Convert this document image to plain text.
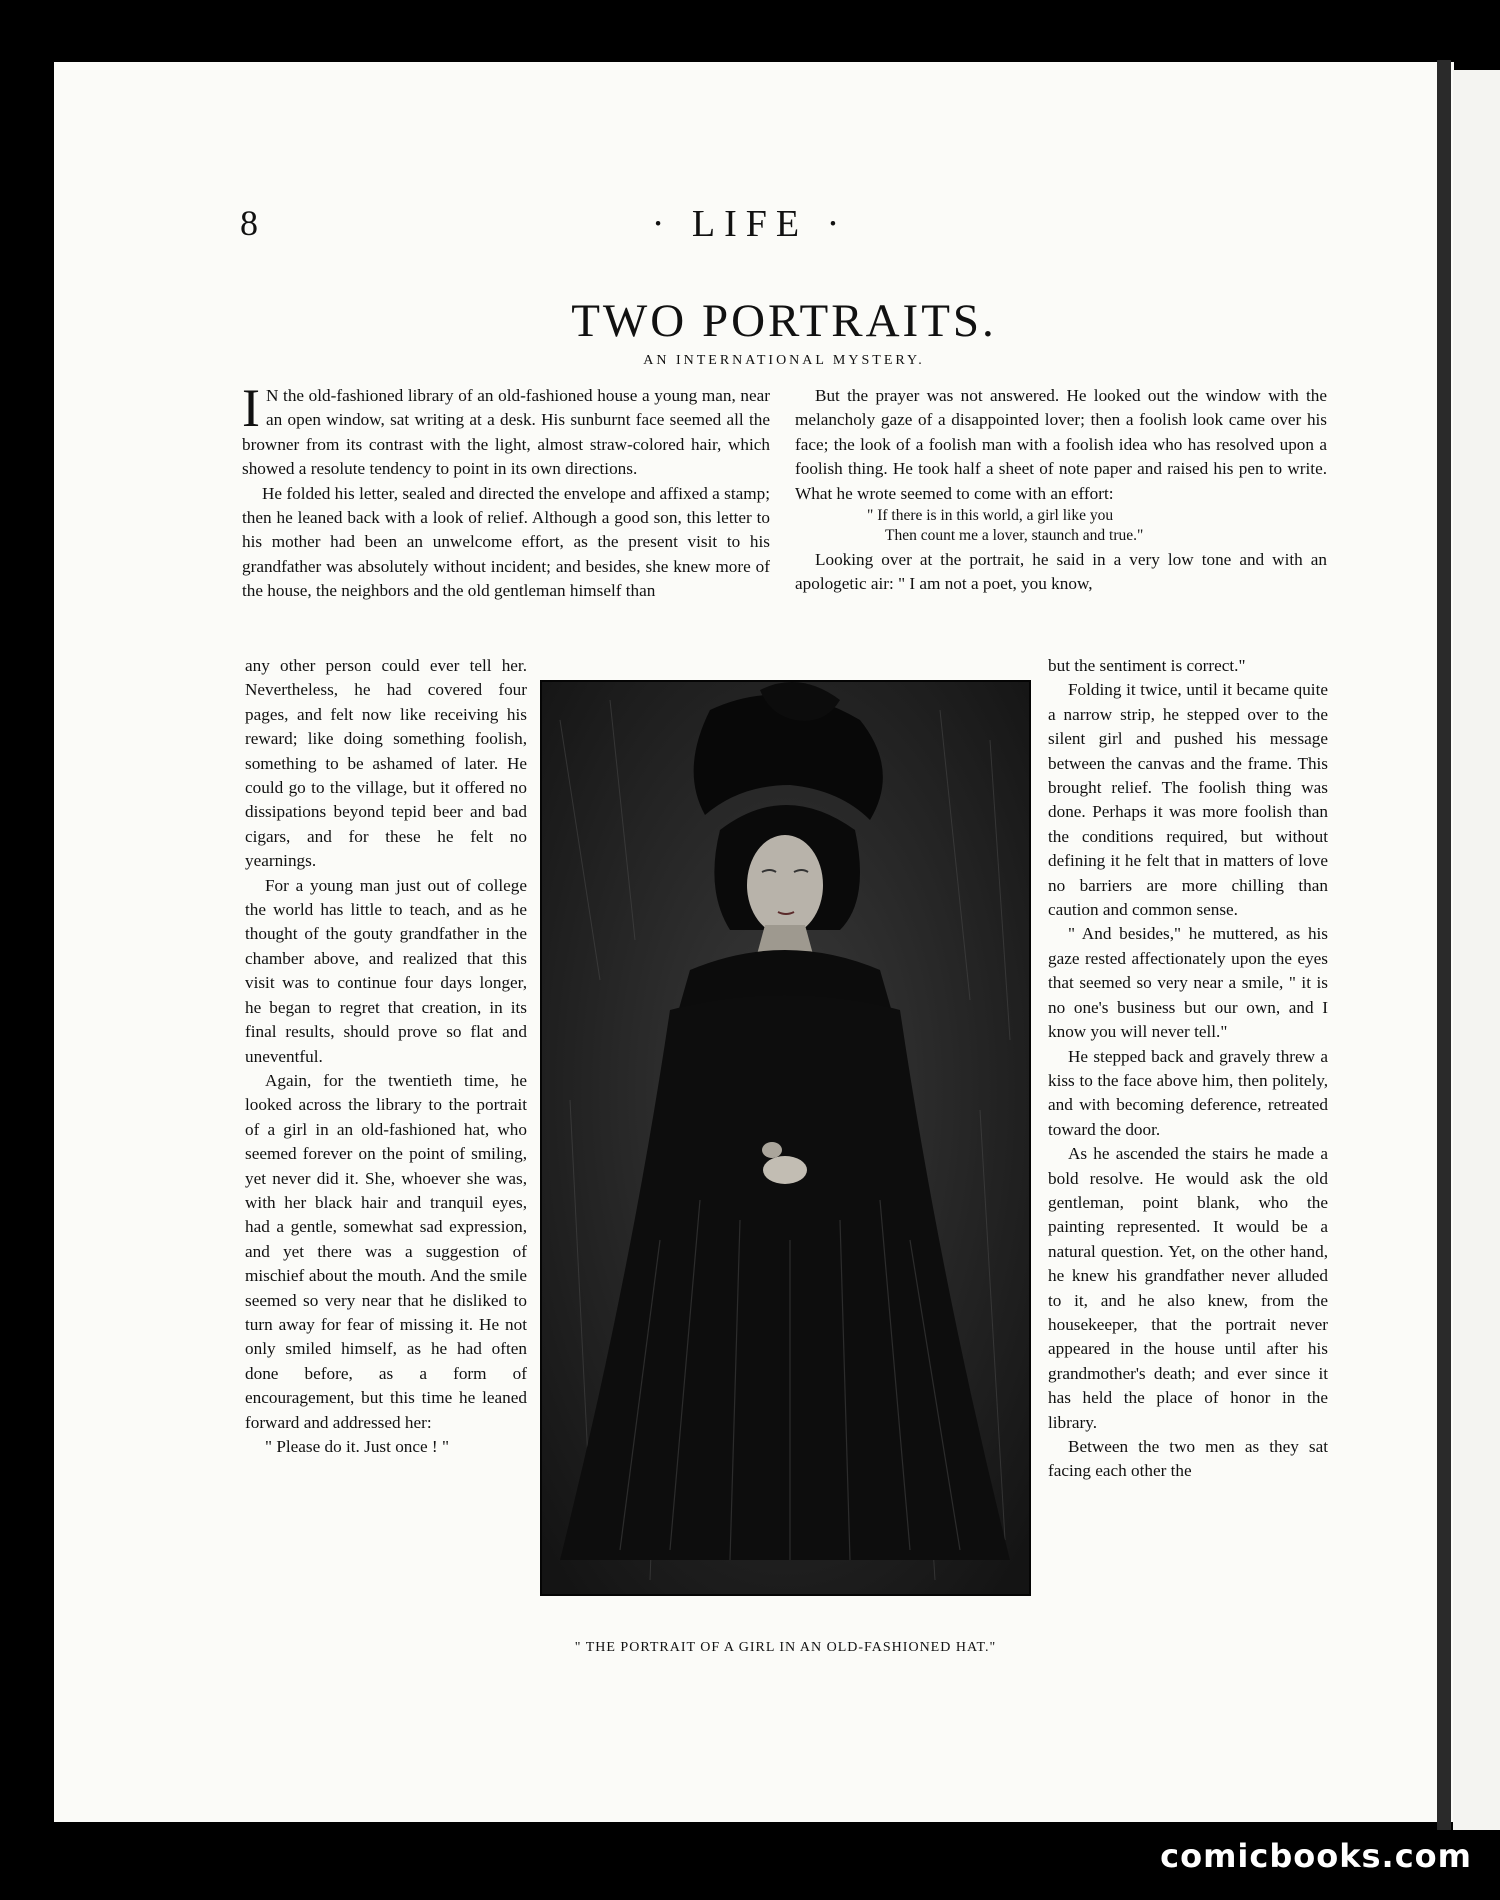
8	· LIFE ·
TWO PORTRAITS.
AN INTERNATIONAL MYSTERY.

I N the old-fashioned library of an old-fashioned house a young man, near an open window, sat writing at a desk. His sunburnt face seemed all the browner from its contrast with the light, almost straw-colored hair, which showed a resolute tendency to point in its own directions.

He folded his letter, sealed and directed the envelope and affixed a stamp; then he leaned back with a look of relief. Although a good son, this letter to his mother had been an unwelcome effort, as the present visit to his grandfather was absolutely without incident; and besides, she knew more of the house, the neighbors and the old gentleman himself than

any other person could ever tell her. Nevertheless, he had covered four pages, and felt now like receiving his reward; like doing something foolish, something to be ashamed of later. He could go to the village, but it offered no dissipations beyond tepid beer and bad cigars, and for these he felt no yearnings.

For a young man just out of college the world has little to teach, and as he thought of the gouty grandfather in the chamber above, and realized that this visit was to continue four days longer, he began to regret that creation, in its final results, should prove so flat and uneventful.

Again, for the twentieth time, he looked across the library to the portrait of a girl in an old-fashioned hat, who seemed forever on the point of smiling, yet never did it. She, whoever she was, with her black hair and tranquil eyes, had a gentle, somewhat sad expression, and yet there was a suggestion of mischief about the mouth. And the smile seemed so very near that he disliked to turn away for fear of missing it. He not only smiled himself, as he had often done before, as a form of encouragement, but this time he leaned forward and addressed her:

" Please do it. Just once ! "

But the prayer was not answered. He looked out the window with the melancholy gaze of a disappointed lover; then a foolish look came over his face; the look of a foolish man with a foolish idea who has resolved upon a foolish thing. He took half a sheet of note paper and raised his pen to write. What he wrote seemed to come with an effort:

" If there is in this world, a girl like you
Then count me a lover, staunch and true."

Looking over at the portrait, he said in a very low tone and with an apologetic air: " I am not a poet, you know,

but the sentiment is correct."

Folding it twice, until it became quite a narrow strip, he stepped over to the silent girl and pushed his message between the canvas and the frame. This brought relief. The foolish thing was done. Perhaps it was more foolish than the conditions required, but without defining it he felt that in matters of love no barriers are more chilling than caution and common sense.

" And besides," he muttered, as his gaze rested affectionately upon the eyes that seemed so very near a smile, " it is no one's business but our own, and I know you will never tell."

He stepped back and gravely threw a kiss to the face above him, then politely, and with becoming deference, retreated toward the door.

As he ascended the stairs he made a bold resolve. He would ask the old gentleman, point blank, who the painting represented. It would be a natural question. Yet, on the other hand, he knew his grandfather never alluded to it, and he also knew, from the housekeeper, that the portrait never appeared in the house until after his grandmother's death; and ever since it has held the place of honor in the library.

Between the two men as they sat facing each other the

" THE PORTRAIT OF A GIRL IN AN OLD-FASHIONED HAT."
comicbooks.com
